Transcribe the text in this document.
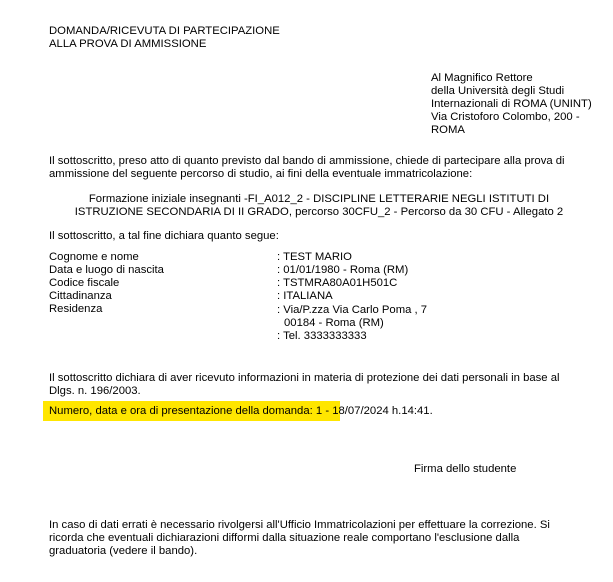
DOMANDA/RICEVUTA DI PARTECIPAZIONE
ALLA PROVA DI AMMISSIONE
Al Magnifico Rettore
della Università degli Studi
Internazionali di ROMA (UNINT)
Via Cristoforo Colombo, 200 -
ROMA
Il sottoscritto, preso atto di quanto previsto dal bando di ammissione, chiede di partecipare alla prova di
ammissione del seguente percorso di studio, ai fini della eventuale immatricolazione:
Formazione iniziale insegnanti -FI_A012_2 - DISCIPLINE LETTERARIE NEGLI ISTITUTI DI
ISTRUZIONE SECONDARIA DI II GRADO, percorso 30CFU_2 - Percorso da 30 CFU - Allegato 2
Il sottoscritto, a tal fine dichiara quanto segue:
Cognome e nome	: TEST MARIO
Data e luogo di nascita	: 01/01/1980 - Roma (RM)
Codice fiscale	: TSTMRA80A01H501C
Cittadinanza	: ITALIANA
Residenza	: Via/P.zza Via Carlo Poma , 7
00184 - Roma (RM)
: Tel. 3333333333
Il sottoscritto dichiara di aver ricevuto informazioni in materia di protezione dei dati personali in base al
Dlgs. n. 196/2003.
Numero, data e ora di presentazione della domanda: 1 - 18/07/2024 h.14:41.
Firma dello studente
In caso di dati errati è necessario rivolgersi all'Ufficio Immatricolazioni per effettuare la correzione. Si
ricorda che eventuali dichiarazioni difformi dalla situazione reale comportano l'esclusione dalla
graduatoria (vedere il bando).
